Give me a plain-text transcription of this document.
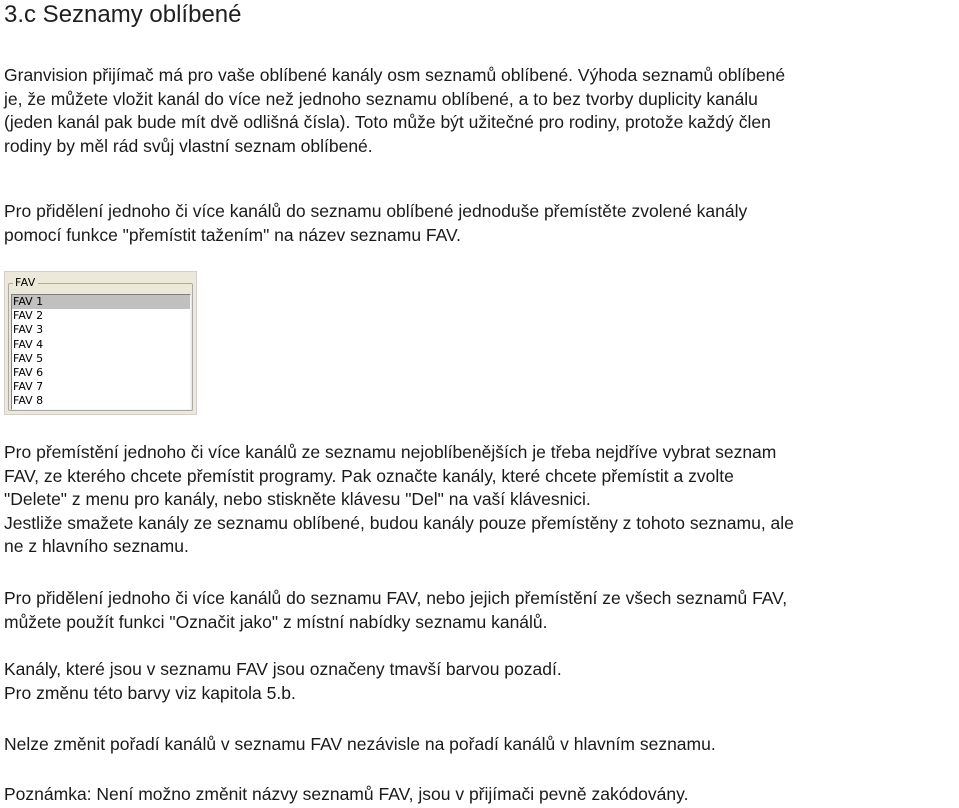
3.c Seznamy oblíbené

Granvision přijímač má pro vaše oblíbené kanály osm seznamů oblíbené. Výhoda seznamů oblíbené
je, že můžete vložit kanál do více než jednoho seznamu oblíbené, a to bez tvorby duplicity kanálu
(jeden kanál pak bude mít dvě odlišná čísla). Toto může být užitečné pro rodiny, protože každý člen
rodiny by měl rád svůj vlastní seznam oblíbené.

Pro přidělení jednoho či více kanálů do seznamu oblíbené jednoduše přemístěte zvolené kanály
pomocí funkce "přemístit tažením" na název seznamu FAV.

FAV
FAV 1
FAV 2
FAV 3
FAV 4
FAV 5
FAV 6
FAV 7
FAV 8

Pro přemístění jednoho či více kanálů ze seznamu nejoblíbenějších je třeba nejdříve vybrat seznam
FAV, ze kterého chcete přemístit programy. Pak označte kanály, které chcete přemístit a zvolte
"Delete" z menu pro kanály, nebo stiskněte klávesu "Del" na vaší klávesnici.
Jestliže smažete kanály ze seznamu oblíbené, budou kanály pouze přemístěny z tohoto seznamu, ale
ne z hlavního seznamu.

Pro přidělení jednoho či více kanálů do seznamu FAV, nebo jejich přemístění ze všech seznamů FAV,
můžete použít funkci "Označit jako" z místní nabídky seznamu kanálů.

Kanály, které jsou v seznamu FAV jsou označeny tmavší barvou pozadí.
Pro změnu této barvy viz kapitola 5.b.

Nelze změnit pořadí kanálů v seznamu FAV nezávisle na pořadí kanálů v hlavním seznamu.

Poznámka: Není možno změnit názvy seznamů FAV, jsou v přijímači pevně zakódovány.
